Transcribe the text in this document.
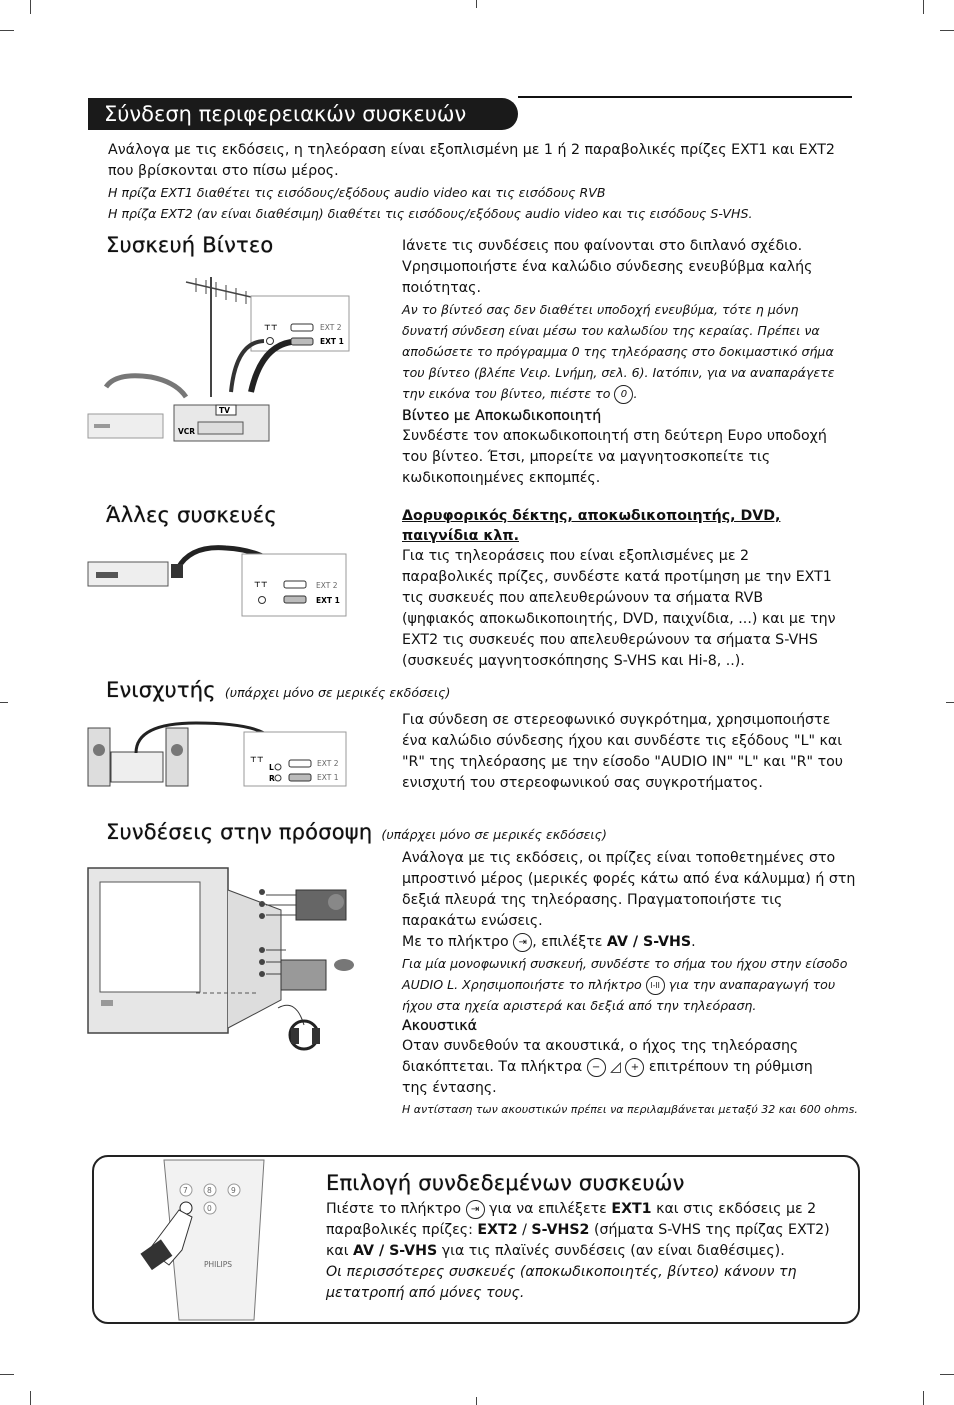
Σύνδεση περιφερειακών συσκευών

Ανάλογα με τις εκδόσεις, η τηλεόραση είναι εξοπλισμένη με 1 ή 2 παραβολικές πρίζες EXT1 και EXT2

που βρίσκονται στο πίσω μέρος.

Η πρίζα EXT1 διαθέτει τις εισόδους/εξόδους audio video και τις εισόδους RVB

Η πρίζα EXT2 (αν είναι διαθέσιμη) διαθέτει τις εισόδους/εξόδους audio video και τις εισόδους S-VHS.

Συσκευή Βίντεο
⊤⊤	EXT 2
EXT 1
VCR
TV

Ιάνετε τις συνδέσεις που φαίνονται στο διπλανό σχέδιο.

Vρησιμοποιήστε ένα καλώδιο σύνδεσης ενευβύβμα καλής

ποιότητας.

Αν το βίντεό σας δεν διαθέτει υποδοχή ενευβύμα, τότε η μόνη

δυνατή σύνδεση είναι μέσω του καλωδίου της κεραίας. Πρέπει να

αποδώσετε το πρόγραμμα 0 της τηλεόρασης στο δοκιμαστικό σήμα

του βίντεο (βλέπε Vειρ. Lνήμη, σελ. 6). Ιατόπιν, για να αναπαράγετε

την εικόνα του βίντεο, πιέστε το 0 .

Βίντεο με Αποκωδικοποιητή

Συνδέστε τον αποκωδικοποιητή στη δεύτερη Ευρο υποδοχή

του βίντεο. Έτσι, μπορείτε να μαγνητοσκοπείτε τις

κωδικοποιημένες εκπομπές.

Άλλες συσκευές
⊤⊤	EXT 2
EXT 1
Δορυφορικός δέκτης, αποκωδικοποιητής, DVD,
παιγνίδια κλπ.

Για τις τηλεοράσεις που είναι εξοπλισμένες με 2

παραβολικές πρίζες, συνδέστε κατά προτίμηση με την EXT1

τις συσκευές που απελευθερώνουν τα σήματα RVB

(ψηφιακός αποκωδικοποιητής, DVD, παιχνίδια, ...) και με την

EXT2 τις συσκευές που απελευθερώνουν τα σήματα S-VHS

(συσκευές μαγνητοσκόπησης S-VHS και Hi-8, ..).

Ενισχυτής (υπάρχει μόνο σε μερικές εκδόσεις)
⊤⊤
L
R
EXT 2
EXT 1

Για σύνδεση σε στερεοφωνικό συγκρότημα, χρησιμοποιήστε

ένα καλώδιο σύνδεσης ήχου και συνδέστε τις εξόδους "L" και

"R" της τηλεόρασης με την είσοδο "AUDIO IN" "L" και "R" του

ενισχυτή του στερεοφωνικού σας συγκροτήματος.

Συνδέσεις στην πρόσοψη (υπάρχει μόνο σε μερικές εκδόσεις)

Ανάλογα με τις εκδόσεις, οι πρίζες είναι τοποθετημένες στο

μπροστινό μέρος (μερικές φορές κάτω από ένα κάλυμμα) ή στη

δεξιά πλευρά της τηλεόρασης. Πραγματοποιήστε τις

παρακάτω ενώσεις.

Με το πλήκτρο ⇥ , επιλέξτε AV / S-VHS.

Για μία μονοφωνική συσκευή, συνδέστε το σήμα του ήχου στην είσοδο

AUDIO L. Χρησιμοποιήστε το πλήκτρο I-II για την αναπαραγωγή του

ήχου στα ηχεία αριστερά και δεξιά από την τηλεόραση.

Ακουστικά

Οταν συνδεθούν τα ακουστικά, ο ήχος της τηλεόρασης

διακόπτεται. Τα πλήκτρα − ◿ + επιτρέπουν τη ρύθμιση

της έντασης.

Η αντίσταση των ακουστικών πρέπει να περιλαμβάνεται μεταξύ 32 και 600 ohms.

7	8	9
0
PHILIPS
Επιλογή συνδεδεμένων συσκευών

Πιέστε το πλήκτρο ⇥ για να επιλέξετε EXT1 και στις εκδόσεις με 2

παραβολικές πρίζες: EXT2 / S-VHS2 (σήματα S-VHS της πρίζας EXT2)

και AV / S-VHS για τις πλαϊνές συνδέσεις (αν είναι διαθέσιμες).

Οι περισσότερες συσκευές (αποκωδικοποιητές, βίντεο) κάνουν τη

μετατροπή από μόνες τους.
